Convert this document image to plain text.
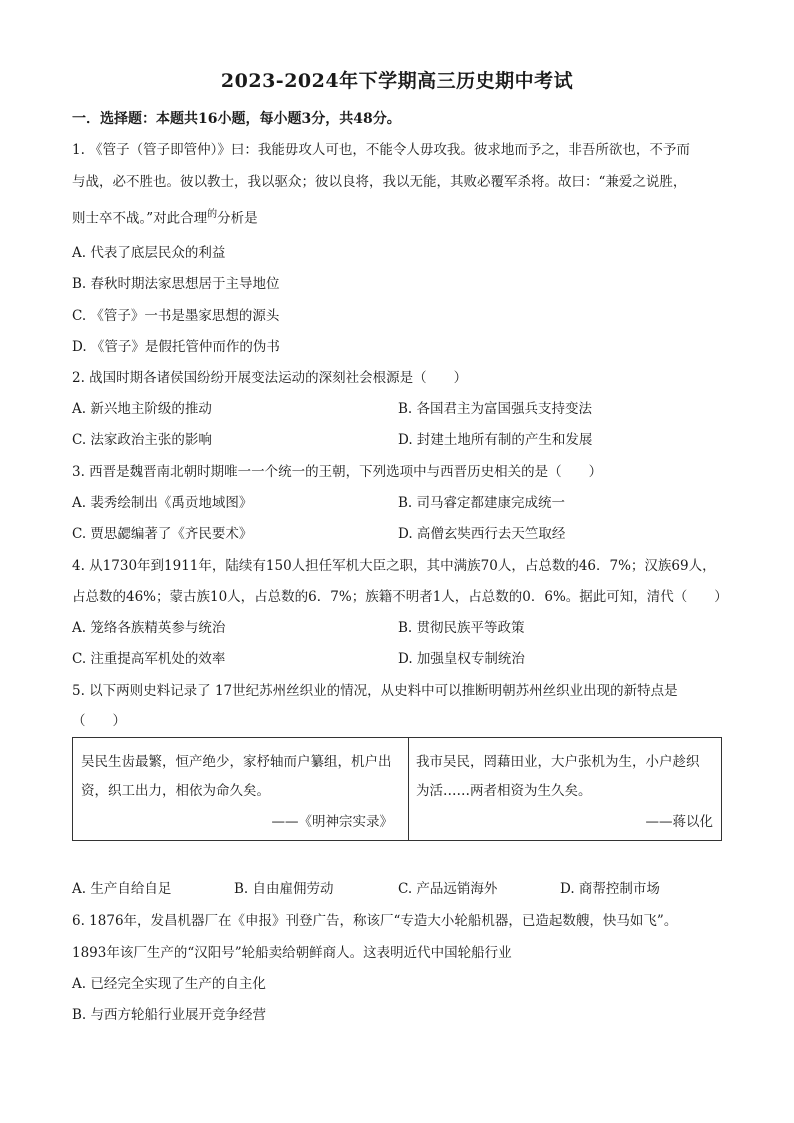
2023-2024年下学期高三历史期中考试
一．选择题：本题共16小题，每小题3分，共48分。
1. 《管子（管子即管仲）》曰：我能毋攻人可也，不能令人毋攻我。彼求地而予之，非吾所欲也，不予而
与战，必不胜也。彼以教士，我以驱众；彼以良将，我以无能，其败必覆军杀将。故曰：“兼爱之说胜，
则士卒不战。”对此合理$^的$分析是
A. 代表了底层民众的利益
B. 春秋时期法家思想居于主导地位
C. 《管子》一书是墨家思想的源头
D. 《管子》是假托管仲而作的伪书
2. 战国时期各诸侯国纷纷开展变法运动的深刻社会根源是（　　）
A. 新兴地主阶级的推动	B. 各国君主为富国强兵支持变法
C. 法家政治主张的影响	D. 封建土地所有制的产生和发展
3. 西晋是魏晋南北朝时期唯一一个统一的王朝，下列选项中与西晋历史相关的是（　　）
A. 裴秀绘制出《禹贡地域图》	B. 司马睿定都建康完成统一
C. 贾思勰编著了《齐民要术》	D. 高僧玄奘西行去天竺取经
4. 从1730年到1911年，陆续有150人担任军机大臣之职，其中满族70人，占总数的46．7%；汉族69人，
占总数的46%；蒙古族10人，占总数的6．7%；族籍不明者1人，占总数的0．6%。据此可知，清代（　　）
A. 笼络各族精英参与统治	B. 贯彻民族平等政策
C. 注重提高军机处的效率	D. 加强皇权专制统治
5. 以下两则史料记录了 17世纪苏州丝织业的情况，从史料中可以推断明朝苏州丝织业出现的新特点是
（　　）
吴民生齿最繁，恒产绝少，家杼轴而户纂组，机户出
资，织工出力，相依为命久矣。
——《明神宗实录》
我市吴民，罔藉田业，大户张机为生，小户趁织
为活……两者相资为生久矣。
——蒋以化
A. 生产自给自足	B. 自由雇佣劳动	C. 产品远销海外	D. 商帮控制市场
6. 1876年，发昌机器厂在《申报》刊登广告，称该厂“专造大小轮船机器，已造起数艘，快马如飞”。
1893年该厂生产的“汉阳号”轮船卖给朝鲜商人。这表明近代中国轮船行业
A. 已经完全实现了生产的自主化
B. 与西方轮船行业展开竞争经营
